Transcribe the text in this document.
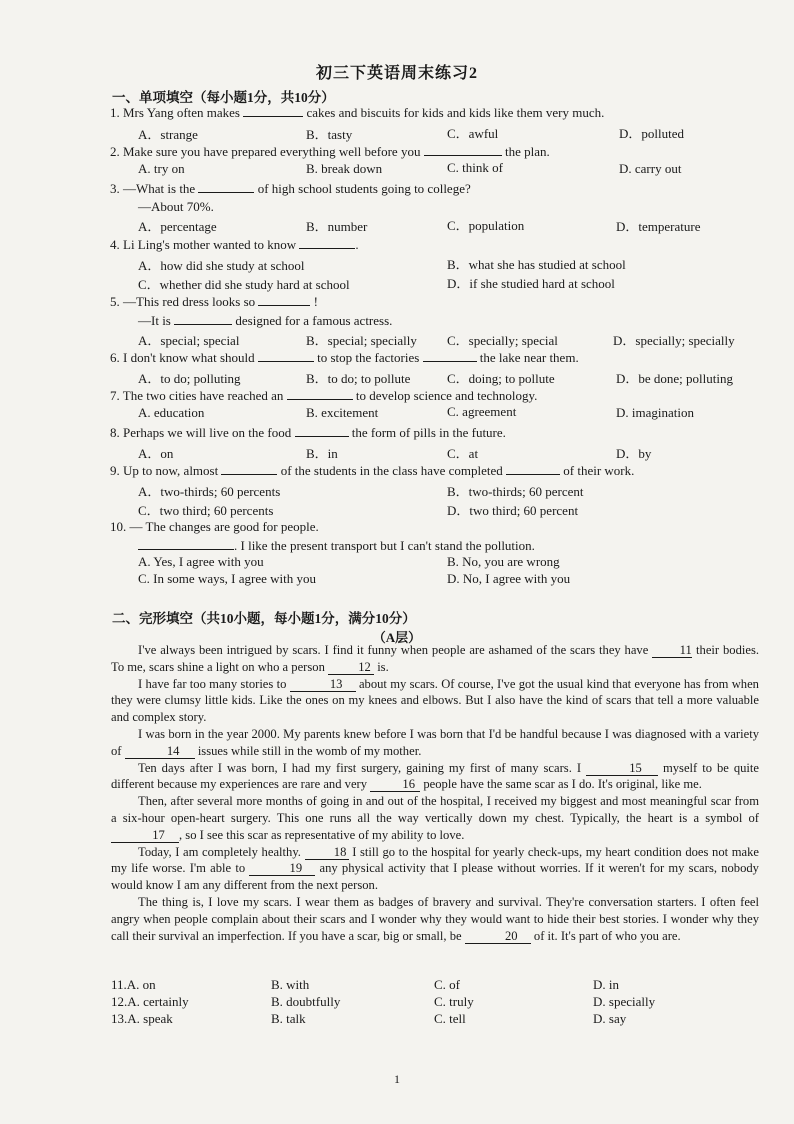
初三下英语周末练习2
一、单项填空（每小题1分，共10分）
1. Mrs Yang often makes	cakes and biscuits for kids and kids like them very much.
A．strange	B．tasty	C．awful	D．polluted
2. Make sure you have prepared everything well before you	the plan.
A. try on	B. break down	C. think of	D. carry out
3. —What is the	of high school students going to college?
—About 70%.
A．percentage	B．number	C．population	D．temperature
4. Li Ling's mother wanted to know	.
A．how did she study at school	B．what she has studied at school
C．whether did she study hard at school	D．if she studied hard at school
5. —This red dress looks so	!
—It is	designed for a famous actress.
A．special; special	B．special; specially C．specially; special	D．specially; specially
6. I don't know what should	to stop the factories	the lake near them.
A．to do; polluting	B．to do; to pollute	C．doing; to pollute	D．be done; polluting
7. The two cities have reached an	to develop science and technology.
A. education	B. excitement	C. agreement	D. imagination
8. Perhaps we will live on the food	the form of pills in the future.
A．on	B．in	C．at	D．by
9. Up to now, almost	of the students in the class have completed	of their work.
A．two-thirds; 60 percents	B．two-thirds; 60 percent
C．two third; 60 percents	D．two third; 60 percent
10. — The changes are good for people.
. I like the present transport but I can't stand the pollution.
A. Yes, I agree with you	B. No, you are wrong
C. In some ways, I agree with you	D. No, I agree with you
二、完形填空（共10小题，每小题1分，满分10分）
（A层）

I've always been intrigued by scars. I find it funny when people are ashamed of the scars they have 11 their bodies. To me, scars shine a light on who a person	12 is.

I have far too many stories to	13 about my scars. Of course, I've got the usual kind that everyone has from when they were clumsy little kids. Like the ones on my knees and elbows. But I also have the kind of scars that tell a more valuable and complex story.

I was born in the year 2000. My parents knew before I was born that I'd be handful because I was diagnosed with a variety of	14 issues while still in the womb of my mother.

Ten days after I was born, I had my first surgery, gaining my first of many scars. I	15 myself to be quite different because my experiences are rare and very	16 people have the same scar as I do. It's original, like me.

Then, after several more months of going in and out of the hospital, I received my biggest and most meaningful scar from a six-hour open-heart surgery. This one runs all the way vertically down my chest. Typically, the heart is a symbol of 17 , so I see this scar as representative of my ability to love.

Today, I am completely healthy.	18 I still go to the hospital for yearly check-ups, my heart condition does not make my life worse. I'm able to	19 any physical activity that I please without worries. If it weren't for my scars, nobody would know I am any different from the next person.

The thing is, I love my scars. I wear them as badges of bravery and survival. They're conversation starters. I often feel angry when people complain about their scars and I wonder why they would want to hide their best stories. I wonder why they call their survival an imperfection. If you have a scar, big or small, be	20 of it. It's part of who you are.

11.A. on	B. with	C. of	D. in
12.A. certainly	B. doubtfully	C. truly	D. specially
13.A. speak	B. talk	C. tell	D. say
1
